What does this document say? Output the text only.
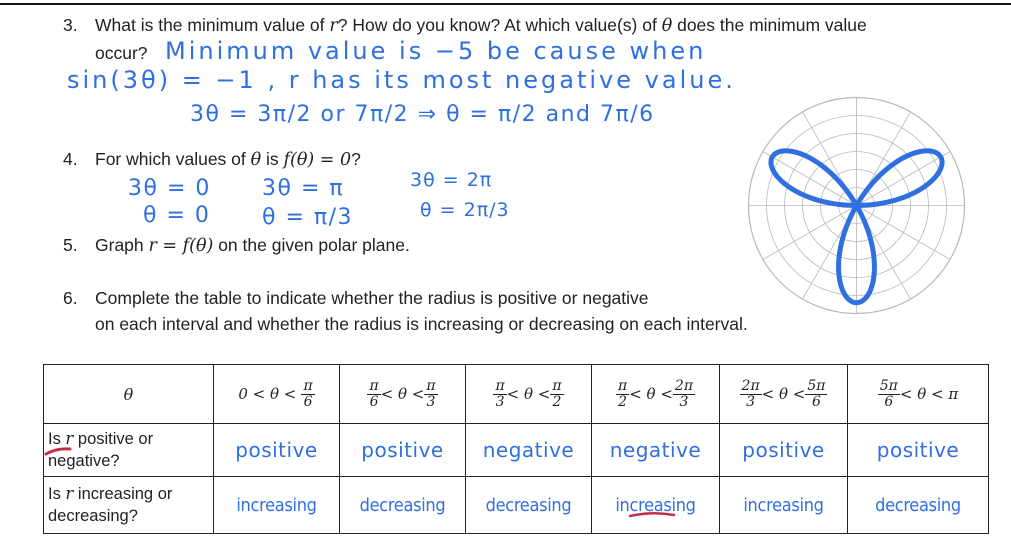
3. What is the minimum value of r? How do you know? At which value(s) of θ does the minimum value
occur? Minimum value is −5 be cause when
sin(3θ) = −1 , r has its most negative value.
3θ = 3π/2 or 7π/2 ⇒ θ = π/2 and 7π/6
4. For which values of θ is f(θ) = 0?
3θ = 0
θ = 0
3θ = π
θ = π/3
3θ = 2π
θ = 2π/3
5. Graph r = f(θ) on the given polar plane.
6. Complete the table to indicate whether the radius is positive or negative
on each interval and whether the radius is increasing or decreasing on each interval.
θ	$0 < \theta < \frac{\pi}{6}$	$\frac{\pi}{6} < \theta < \frac{\pi}{3}$	$\frac{\pi}{3} < \theta < \frac{\pi}{2}$	$\frac{\pi}{2} < \theta < \frac{2\pi}{3}$	$\frac{2\pi}{3} < \theta < \frac{5\pi}{6}$	$\frac{5\pi}{6} < \theta < \pi$
Is r positive or
negative?	positive	positive	negative	negative	positive	positive
Is r increasing or
decreasing?	increasing	decreasing	decreasing	increasing	increasing	decreasing
